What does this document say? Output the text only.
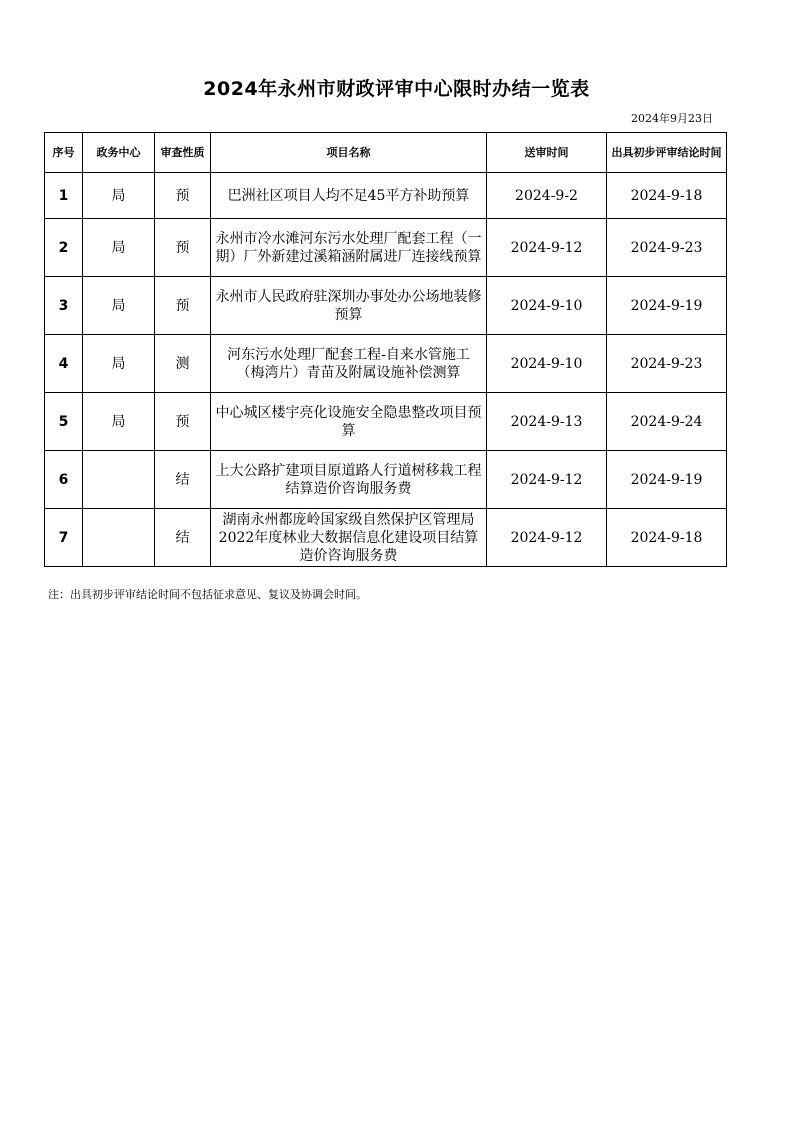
2024年永州市财政评审中心限时办结一览表
2024年9月23日
序号	政务中心	审查性质	项目名称	送审时间	出具初步评审结论时间
1	局	预	巴洲社区项目人均不足45平方补助预算	2024-9-2	2024-9-18
2	局	预	永州市冷水滩河东污水处理厂配套工程（一期）厂外新建过溪箱涵附属进厂连接线预算	2024-9-12	2024-9-23
3	局	预	永州市人民政府驻深圳办事处办公场地装修预算	2024-9-10	2024-9-19
4	局	测	河东污水处理厂配套工程-自来水管施工（梅湾片）青苗及附属设施补偿测算	2024-9-10	2024-9-23
5	局	预	中心城区楼宇亮化设施安全隐患整改项目预算	2024-9-13	2024-9-24
6		结	上大公路扩建项目原道路人行道树移栽工程结算造价咨询服务费	2024-9-12	2024-9-19
7		结	湖南永州都庞岭国家级自然保护区管理局2022年度林业大数据信息化建设项目结算造价咨询服务费	2024-9-12	2024-9-18
注：出具初步评审结论时间不包括征求意见、复议及协调会时间。
